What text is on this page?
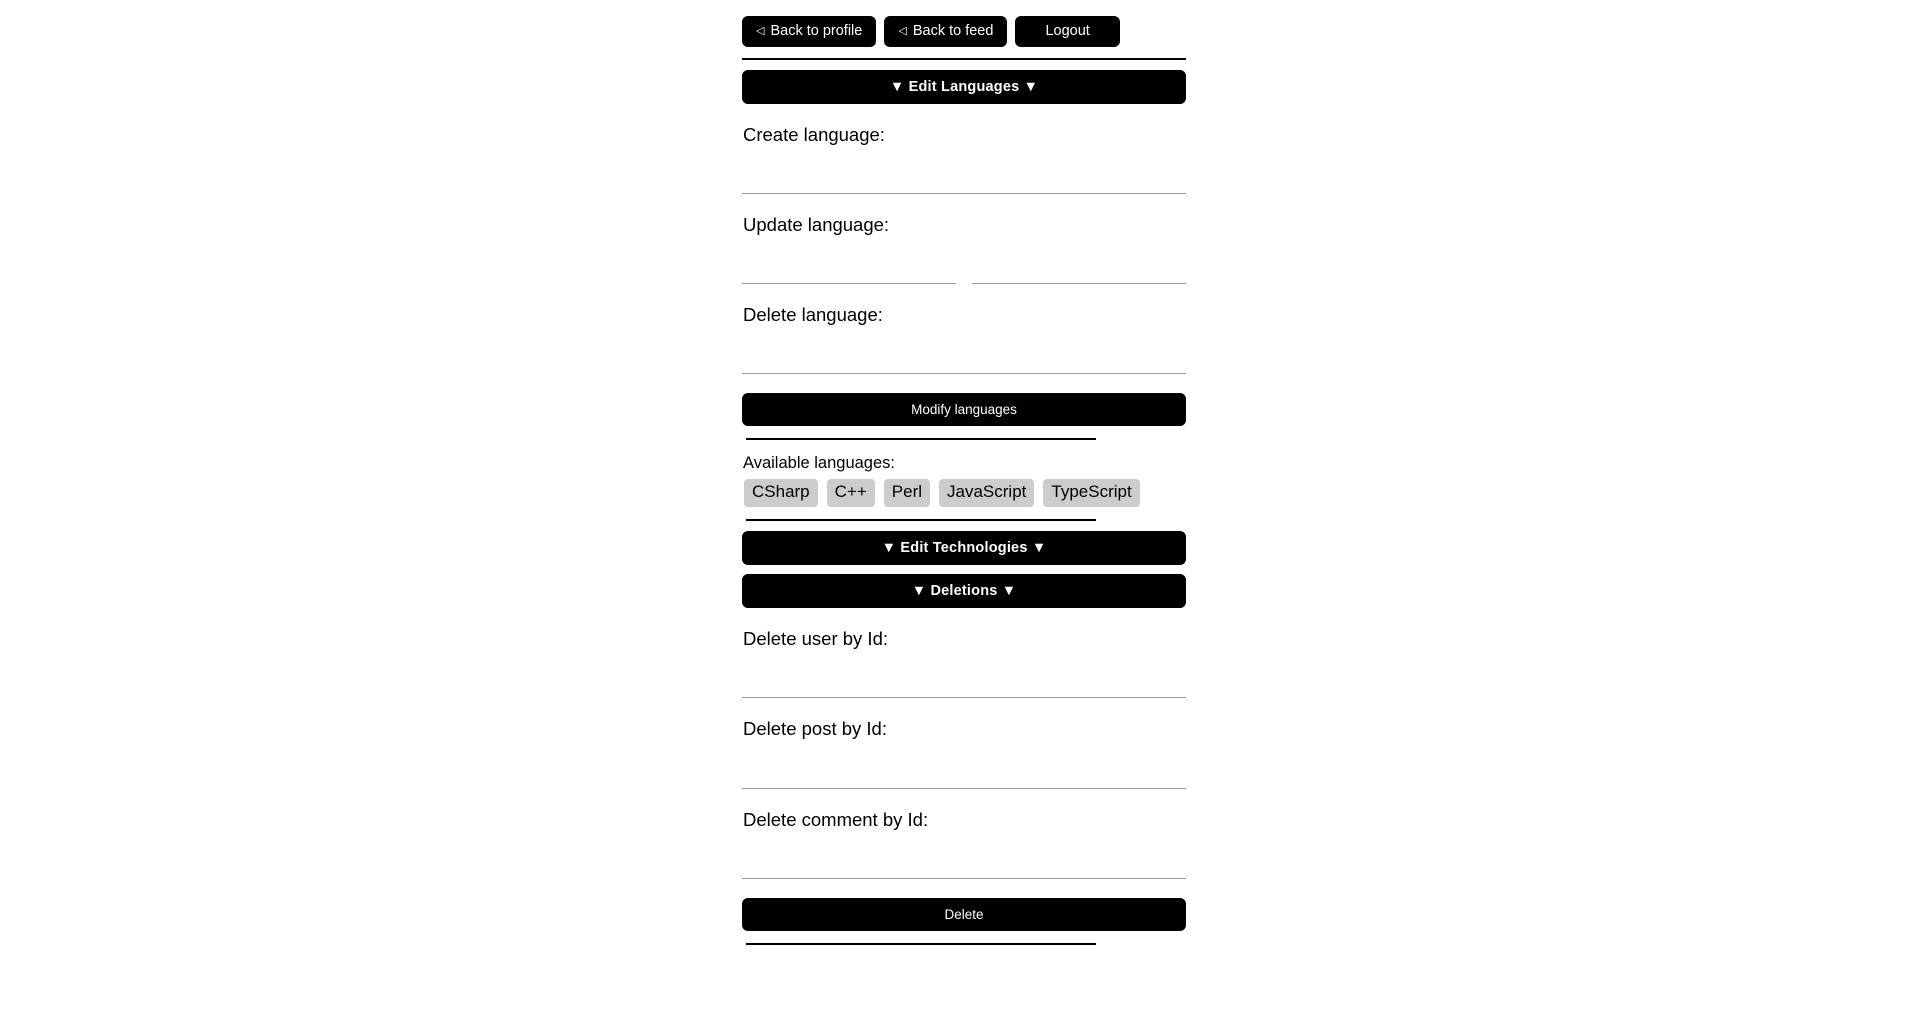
◁ Back to profile	◁ Back to feed	Logout
▼ Edit Languages ▼
Create language:
Update language:
Delete language:
Modify languages
Available languages:
CSharp	C++	Perl	JavaScript	TypeScript
▼ Edit Technologies ▼
▼ Deletions ▼
Delete user by Id:
Delete post by Id:
Delete comment by Id:
Delete
